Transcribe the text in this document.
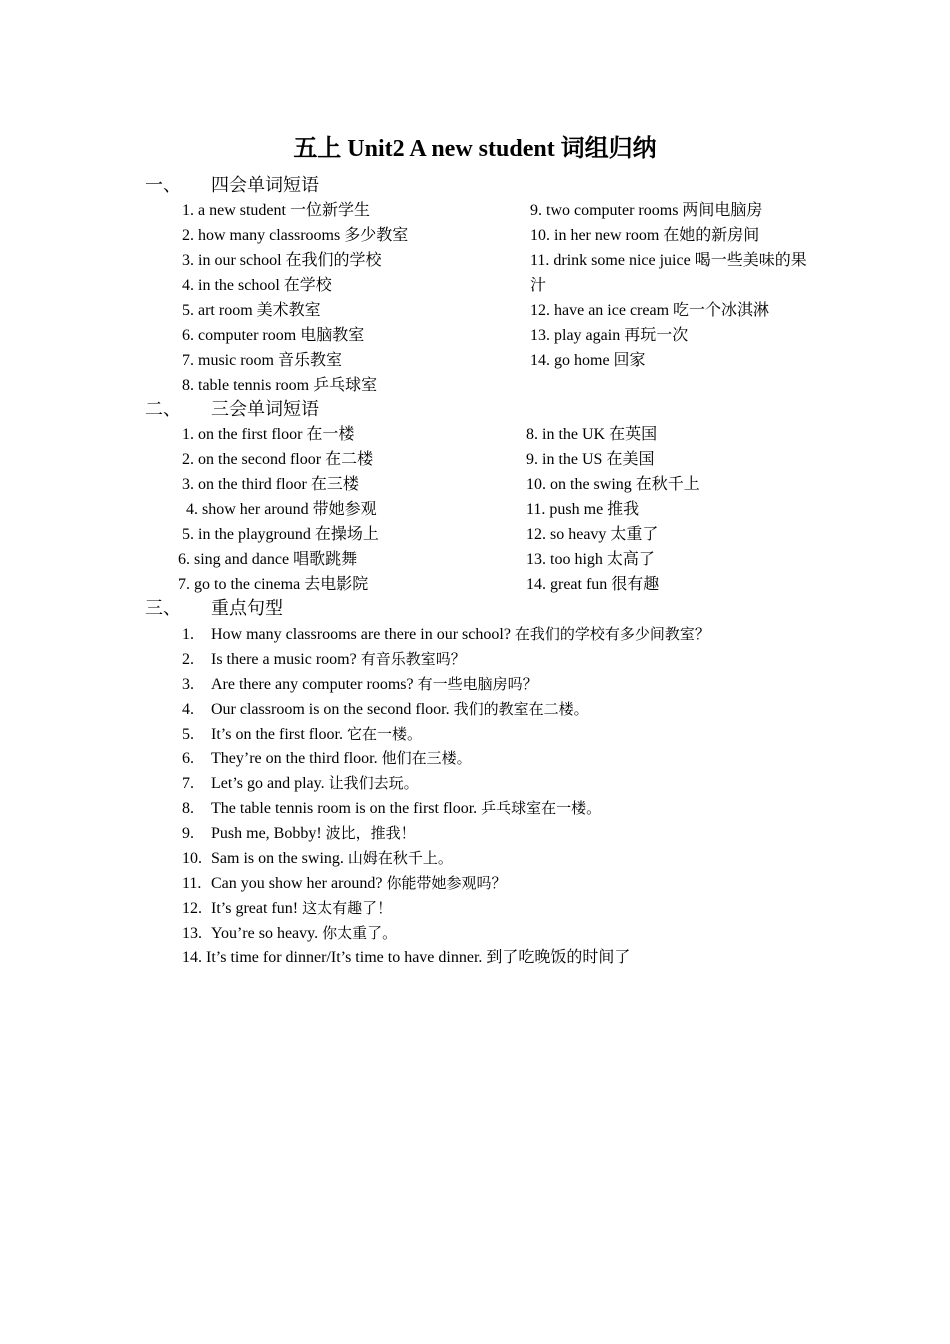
五上 Unit2 A new student 词组归纳
一、 四会单词短语
1. a new student 一位新学生
2. how many classrooms 多少教室
3. in our school 在我们的学校
4. in the school 在学校
5. art room 美术教室
6. computer room 电脑教室
7. music room 音乐教室
8. table tennis room 乒乓球室
9. two computer rooms 两间电脑房
10. in her new room 在她的新房间
11. drink some nice juice 喝一些美味的果汁
12. have an ice cream 吃一个冰淇淋
13. play again 再玩一次
14. go home 回家
二、 三会单词短语
1. on the first floor 在一楼
2. on the second floor 在二楼
3. on the third floor 在三楼
4. show her around 带她参观
5. in the playground 在操场上
6. sing and dance 唱歌跳舞
7. go to the cinema 去电影院
8. in the UK 在英国
9. in the US 在美国
10. on the swing 在秋千上
11. push me 推我
12. so heavy 太重了
13. too high 太高了
14. great fun 很有趣
三、 重点句型
1. How many classrooms are there in our school? 在我们的学校有多少间教室？
2. Is there a music room? 有音乐教室吗？
3. Are there any computer rooms? 有一些电脑房吗？
4. Our classroom is on the second floor. 我们的教室在二楼。
5. It’s on the first floor. 它在一楼。
6. They’re on the third floor. 他们在三楼。
7. Let’s go and play. 让我们去玩。
8. The table tennis room is on the first floor. 乒乓球室在一楼。
9. Push me, Bobby! 波比，推我！
10. Sam is on the swing. 山姆在秋千上。
11. Can you show her around? 你能带她参观吗？
12. It’s great fun! 这太有趣了！
13. You’re so heavy. 你太重了。
14. It’s time for dinner/It’s time to have dinner. 到了吃晚饭的时间了
